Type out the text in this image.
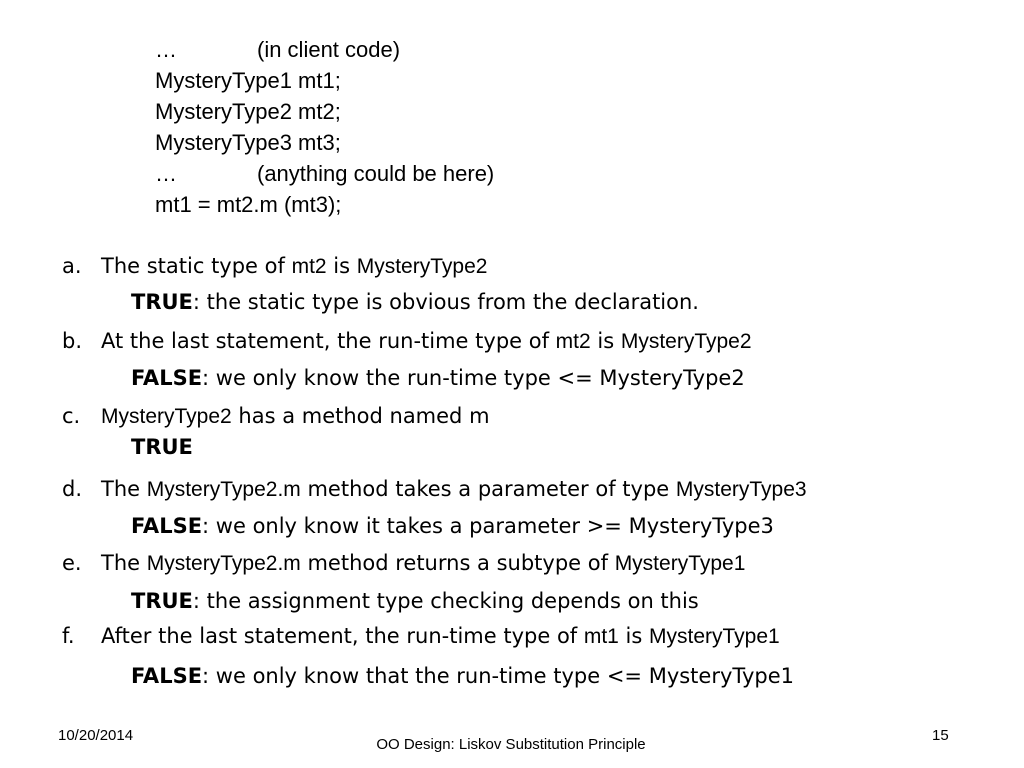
…	(in client code)
MysteryType1 mt1;
MysteryType2 mt2;
MysteryType3 mt3;
…	(anything could be here)
mt1 = mt2.m (mt3);
a. The static type of mt2 is MysteryType2
TRUE: the static type is obvious from the declaration.
b. At the last statement, the run-time type of mt2 is MysteryType2
FALSE: we only know the run-time type <= MysteryType2
c. MysteryType2 has a method named m
TRUE
d. The MysteryType2.m method takes a parameter of type MysteryType3
FALSE: we only know it takes a parameter >= MysteryType3
e. The MysteryType2.m method returns a subtype of MysteryType1
TRUE: the assignment type checking depends on this
f. After the last statement, the run-time type of mt1 is MysteryType1
FALSE: we only know that the run-time type <= MysteryType1
10/20/2014
OO Design: Liskov Substitution Principle
15
